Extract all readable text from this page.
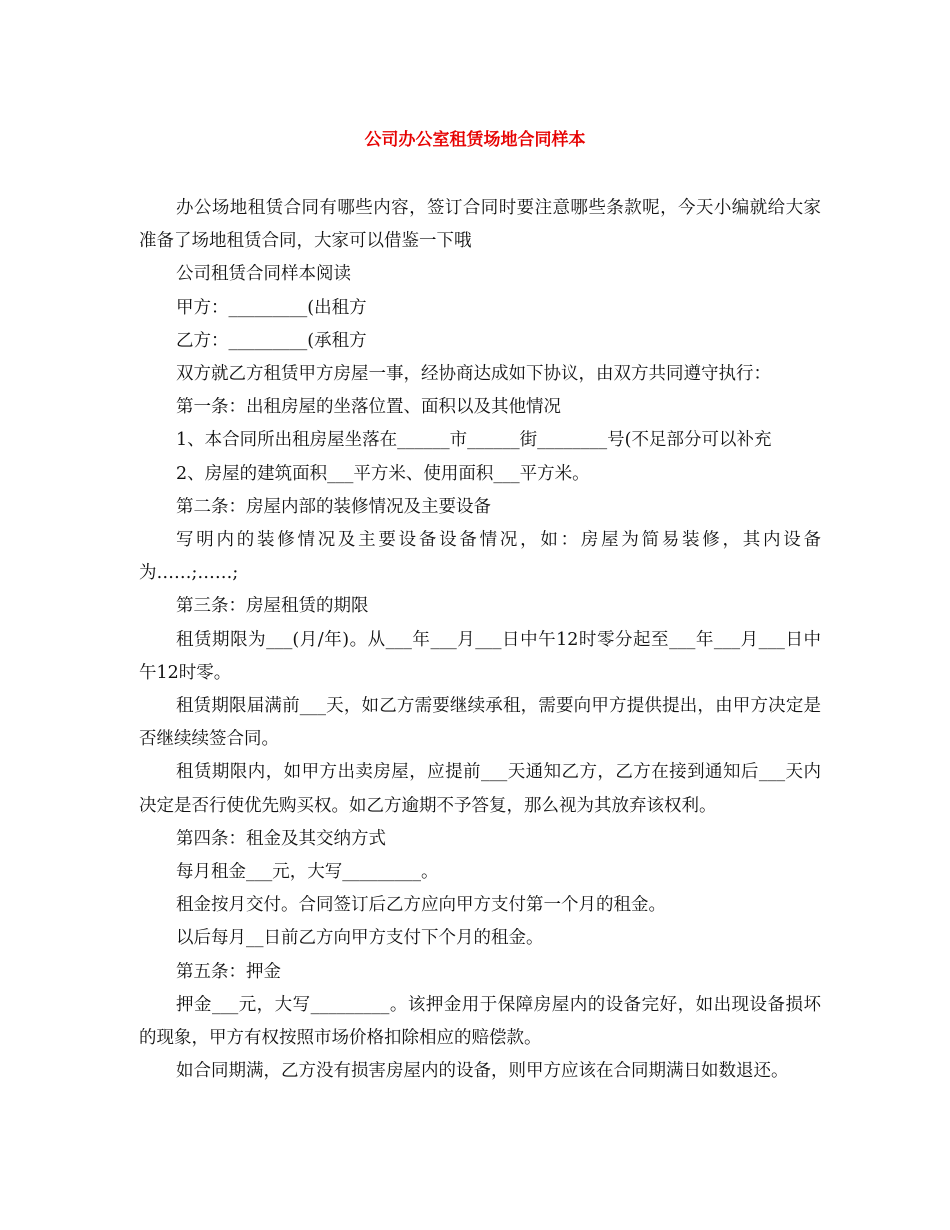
公司办公室租赁场地合同样本

办公场地租赁合同有哪些内容，签订合同时要注意哪些条款呢，今天小编就给大家准备了场地租赁合同，大家可以借鉴一下哦

公司租赁合同样本阅读

甲方：_________(出租方

乙方：_________(承租方

双方就乙方租赁甲方房屋一事，经协商达成如下协议，由双方共同遵守执行：

第一条：出租房屋的坐落位置、面积以及其他情况

1、本合同所出租房屋坐落在______市______街________号(不足部分可以补充

2、房屋的建筑面积___平方米、使用面积___平方米。

第二条：房屋内部的装修情况及主要设备

写明内的装修情况及主要设备设备情况，如：房屋为简易装修，其内设备为……;……;

第三条：房屋租赁的期限

租赁期限为___(月/年)。从___年___月___日中午12时零分起至___年___月___日中午12时零。

租赁期限届满前___天，如乙方需要继续承租，需要向甲方提供提出，由甲方决定是否继续续签合同。

租赁期限内，如甲方出卖房屋，应提前___天通知乙方，乙方在接到通知后___天内决定是否行使优先购买权。如乙方逾期不予答复，那么视为其放弃该权利。

第四条：租金及其交纳方式

每月租金___元，大写_________。

租金按月交付。合同签订后乙方应向甲方支付第一个月的租金。

以后每月__日前乙方向甲方支付下个月的租金。

第五条：押金

押金___元，大写_________。该押金用于保障房屋内的设备完好，如出现设备损坏的现象，甲方有权按照市场价格扣除相应的赔偿款。

如合同期满，乙方没有损害房屋内的设备，则甲方应该在合同期满日如数退还。
